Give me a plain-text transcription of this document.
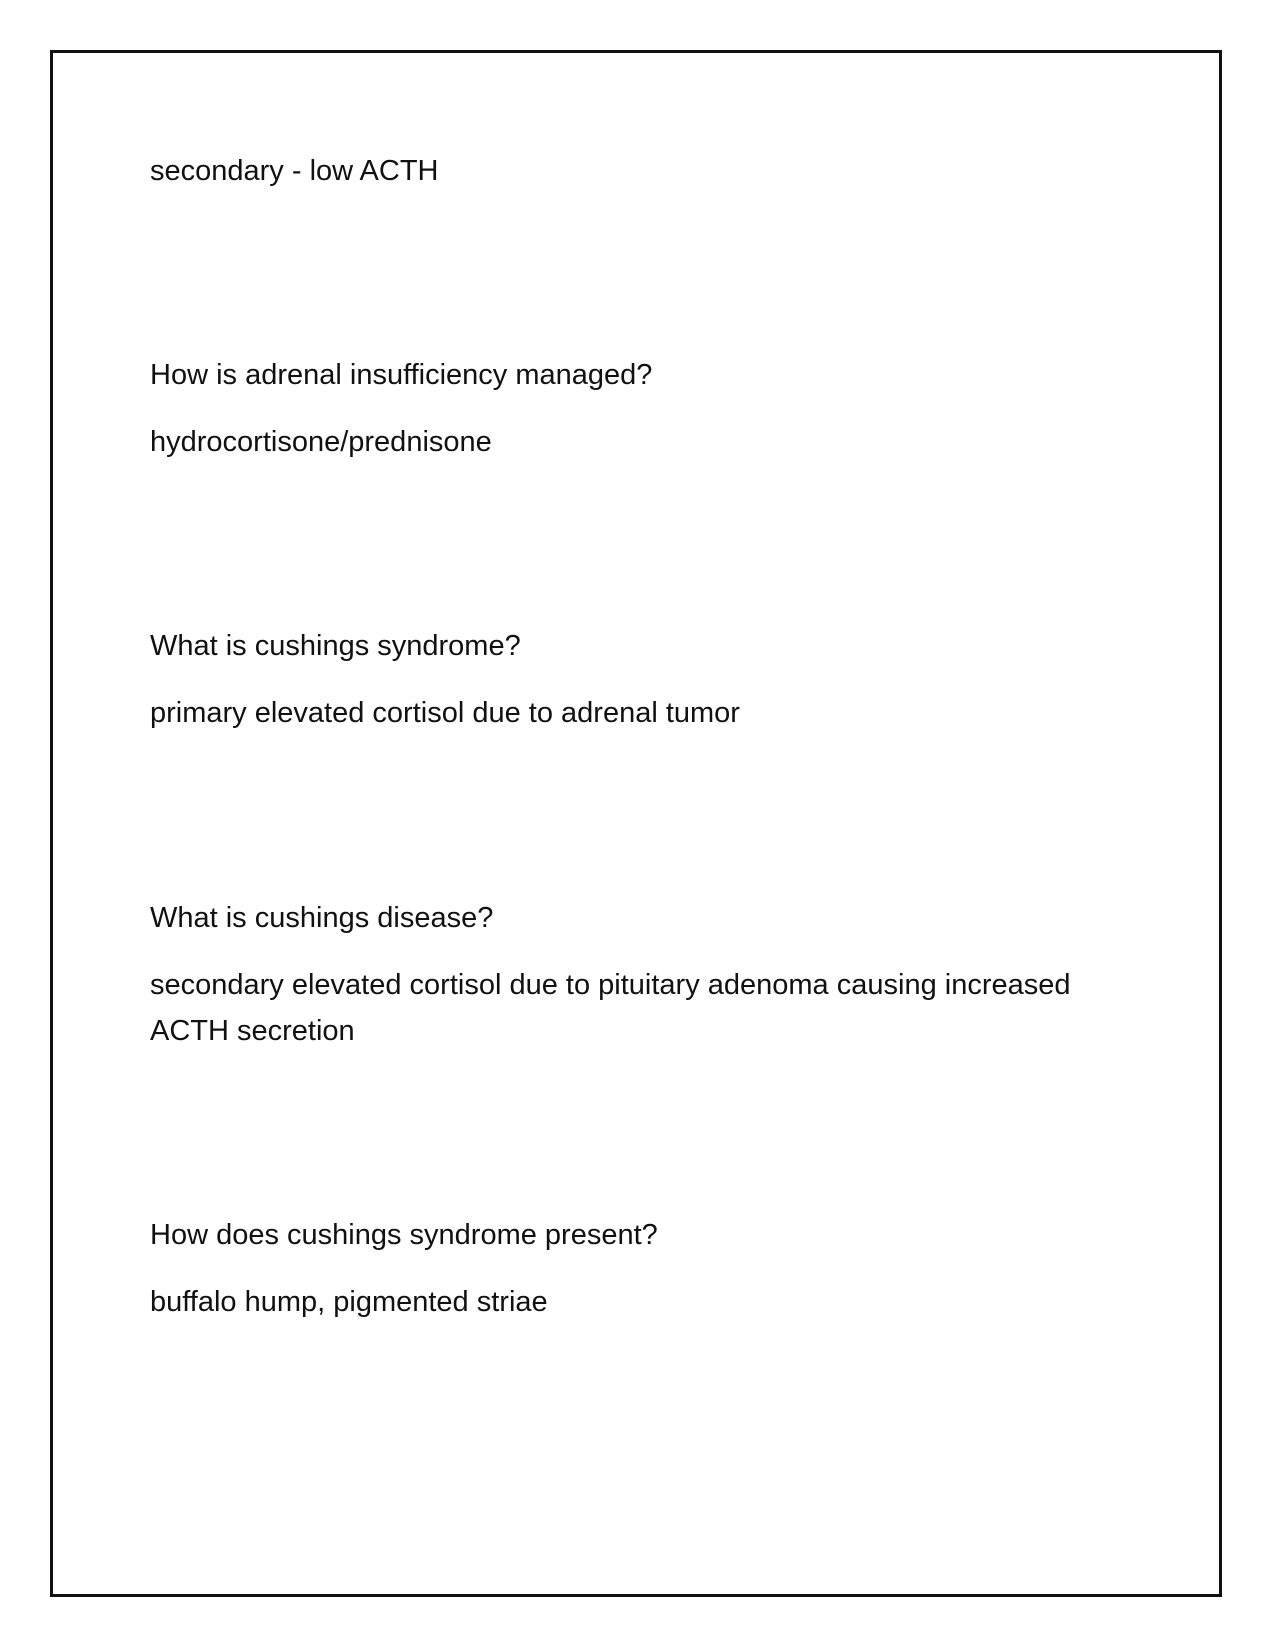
secondary - low ACTH
How is adrenal insufficiency managed?
hydrocortisone/prednisone
What is cushings syndrome?
primary elevated cortisol due to adrenal tumor
What is cushings disease?
secondary elevated cortisol due to pituitary adenoma causing increased
ACTH secretion
How does cushings syndrome present?
buffalo hump, pigmented striae
